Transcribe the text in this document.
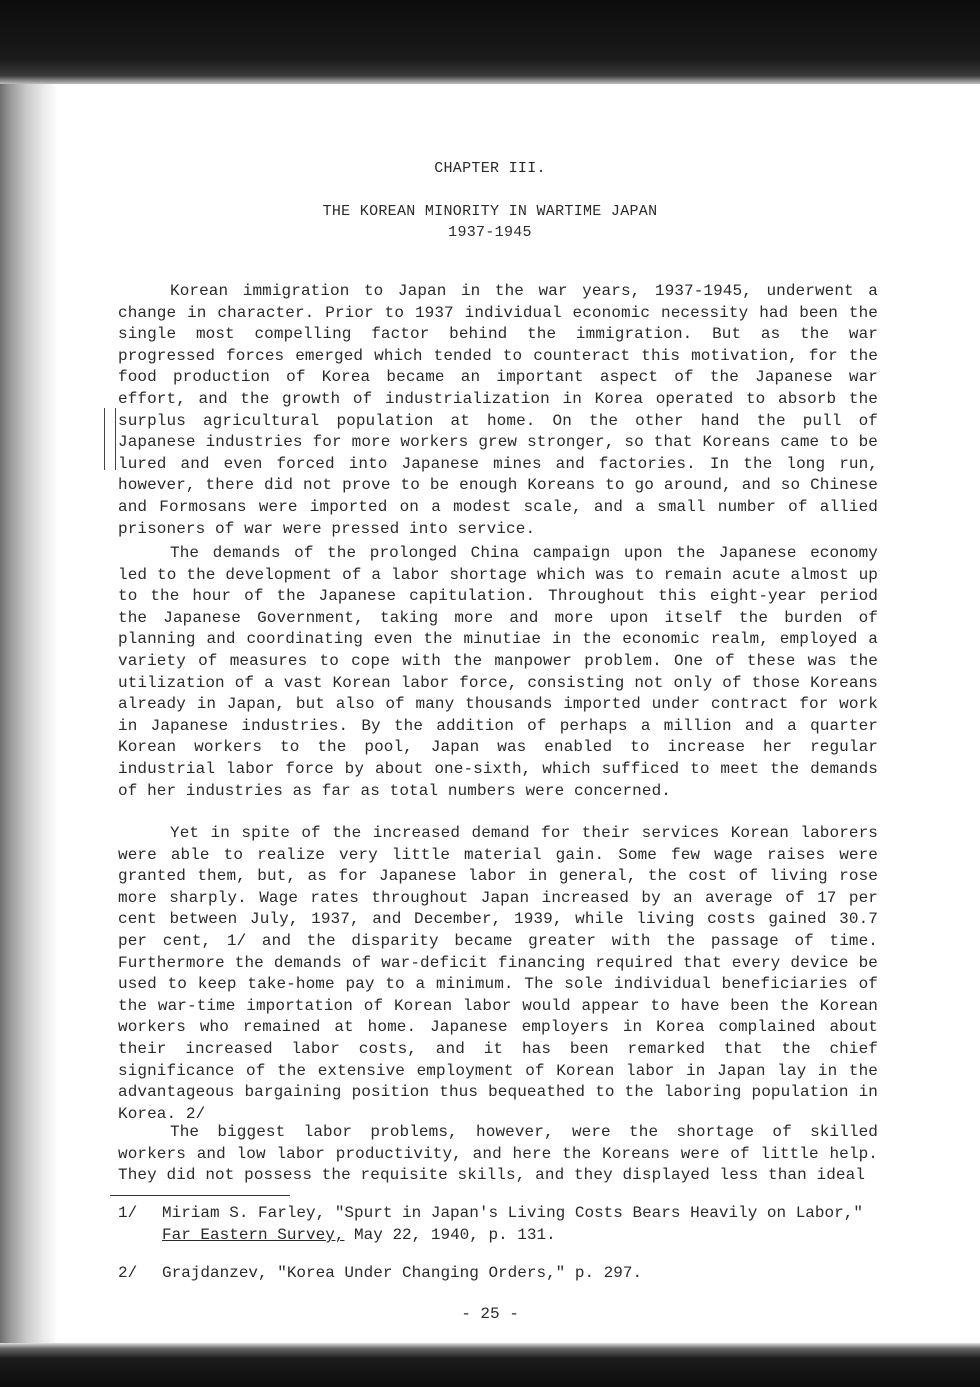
CHAPTER III.
THE KOREAN MINORITY IN WARTIME JAPAN
1937-1945

Korean immigration to Japan in the war years, 1937-1945, underwent a change in character. Prior to 1937 individual economic necessity had been the single most compelling factor behind the immigration. But as the war progressed forces emerged which tended to counteract this motivation, for the food production of Korea became an important aspect of the Japanese war effort, and the growth of industrialization in Korea operated to absorb the surplus agricultural population at home. On the other hand the pull of Japanese industries for more workers grew stronger, so that Koreans came to be lured and even forced into Japanese mines and factories. In the long run, however, there did not prove to be enough Koreans to go around, and so Chinese and Formosans were imported on a modest scale, and a small number of allied prisoners of war were pressed into service.

The demands of the prolonged China campaign upon the Japanese economy led to the development of a labor shortage which was to remain acute almost up to the hour of the Japanese capitulation. Throughout this eight-year period the Japanese Government, taking more and more upon itself the burden of planning and coordinating even the minutiae in the economic realm, employed a variety of measures to cope with the manpower problem. One of these was the utilization of a vast Korean labor force, consisting not only of those Koreans already in Japan, but also of many thousands imported under contract for work in Japanese industries. By the addition of perhaps a million and a quarter Korean workers to the pool, Japan was enabled to increase her regular industrial labor force by about one-sixth, which sufficed to meet the demands of her industries as far as total numbers were concerned.

Yet in spite of the increased demand for their services Korean laborers were able to realize very little material gain. Some few wage raises were granted them, but, as for Japanese labor in general, the cost of living rose more sharply. Wage rates throughout Japan increased by an average of 17 per cent between July, 1937, and December, 1939, while living costs gained 30.7 per cent, 1/ and the disparity became greater with the passage of time. Furthermore the demands of war-deficit financing required that every device be used to keep take-home pay to a minimum. The sole individual beneficiaries of the war-time importation of Korean labor would appear to have been the Korean workers who remained at home. Japanese employers in Korea complained about their increased labor costs, and it has been remarked that the chief significance of the extensive employment of Korean labor in Japan lay in the advantageous bargaining position thus bequeathed to the laboring population in Korea. 2/

The biggest labor problems, however, were the shortage of skilled workers and low labor productivity, and here the Koreans were of little help. They did not possess the requisite skills, and they displayed less than ideal

1/ Miriam S. Farley, "Spurt in Japan's Living Costs Bears Heavily on Labor,"
Far Eastern Survey, May 22, 1940, p. 131.
2/ Grajdanzev, "Korea Under Changing Orders," p. 297.
- 25 -
